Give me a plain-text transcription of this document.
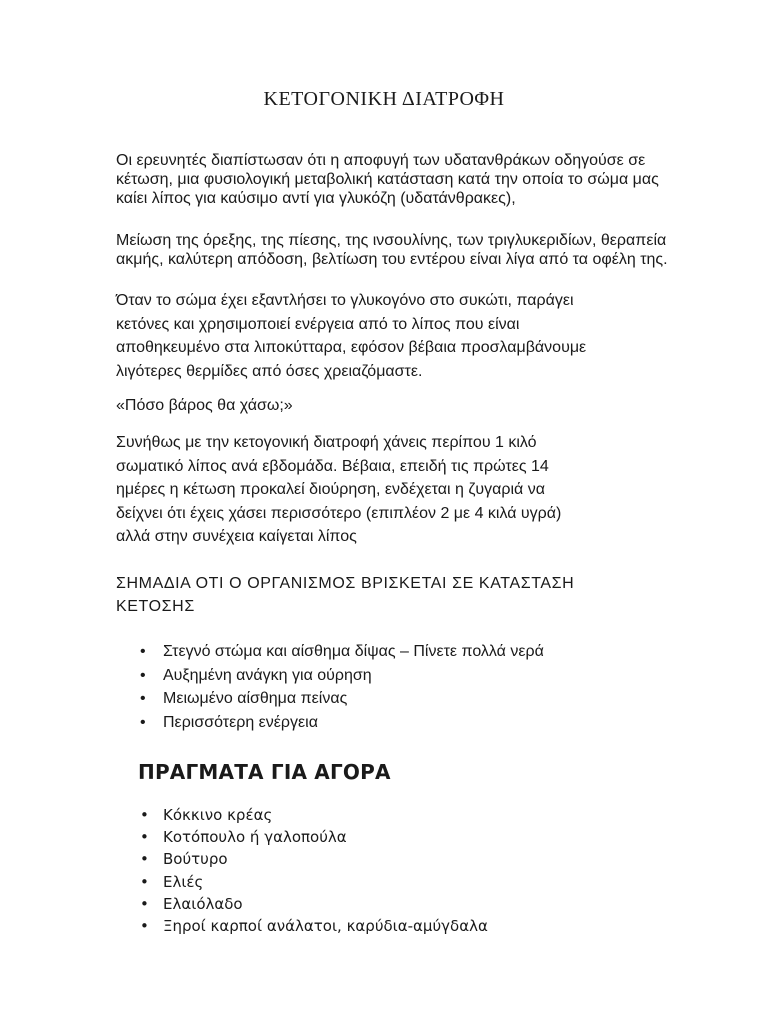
ΚΕΤΟΓΟΝΙΚΗ ΔΙΑΤΡΟΦΗ
Οι ερευνητές διαπίστωσαν ότι η αποφυγή των υδατανθράκων οδηγούσε σε
κέτωση, μια φυσιολογική μεταβολική κατάσταση κατά την οποία το σώμα μας
καίει λίπος για καύσιμο αντί για γλυκόζη (υδατάνθρακες),
Μείωση της όρεξης, της πίεσης, της ινσουλίνης, των τριγλυκεριδίων, θεραπεία
ακμής, καλύτερη απόδοση, βελτίωση του εντέρου είναι λίγα από τα οφέλη της.
Όταν το σώμα έχει εξαντλήσει το γλυκογόνο στο συκώτι, παράγει
κετόνες και χρησιμοποιεί ενέργεια από το λίπος που είναι
αποθηκευμένο στα λιποκύτταρα, εφόσον βέβαια προσλαμβάνουμε
λιγότερες θερμίδες από όσες χρειαζόμαστε.
«Πόσο βάρος θα χάσω;»
Συνήθως με την κετογονική διατροφή χάνεις περίπου 1 κιλό
σωματικό λίπος ανά εβδομάδα. Βέβαια, επειδή τις πρώτες 14
ημέρες η κέτωση προκαλεί διούρηση, ενδέχεται η ζυγαριά να
δείχνει ότι έχεις χάσει περισσότερο (επιπλέον 2 με 4 κιλά υγρά)
αλλά στην συνέχεια καίγεται λίπος
ΣΗΜΑΔΙΑ ΟΤΙ Ο ΟΡΓΑΝΙΣΜΟΣ ΒΡΙΣΚΕΤΑΙ ΣΕ ΚΑΤΑΣΤΑΣΗ
ΚΕΤΟΣΗΣ
• Στεγνό στώμα και αίσθημα δίψας – Πίνετε πολλά νερά
• Αυξημένη ανάγκη για ούρηση
• Μειωμένο αίσθημα πείνας
• Περισσότερη ενέργεια
ΠΡΑΓΜΑΤΑ ΓΙΑ ΑΓΟΡΑ
• Κόκκινο κρέας
• Κοτόπουλο ή γαλοπούλα
• Βούτυρο
• Ελιές
• Ελαιόλαδο
• Ξηροί καρποί ανάλατοι, καρύδια-αμύγδαλα
